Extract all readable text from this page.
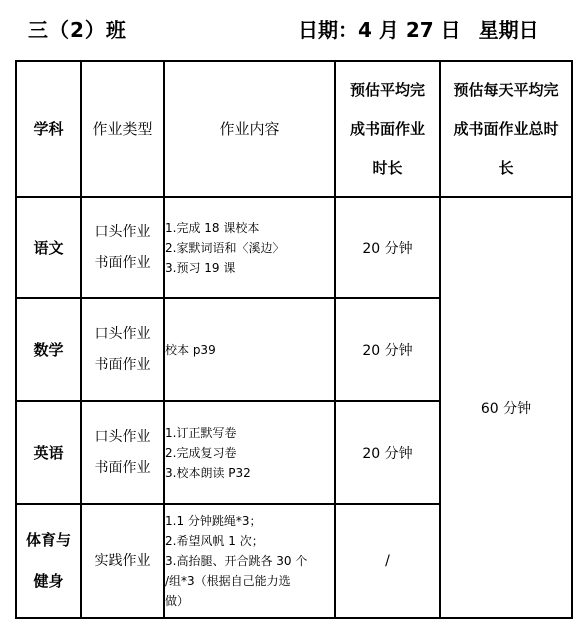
三（2）班	日期：4 月 27 日 星期日
学科	作业类型	作业内容	预估平均完
成书面作业
时长	预估每天平均完
成书面作业总时
长

语文	口头作业
书面作业	1.完成 18 课校本
2.家默词语和〈溪边〉
3.预习 19 课	20 分钟	60 分钟

数学	口头作业
书面作业	校本 p39	20 分钟	

英语	口头作业
书面作业	1.订正默写卷
2.完成复习卷
3.校本朗读 P32	20 分钟	

体育与
健身	实践作业	1.1 分钟跳绳*3；
2.希望风帆 1 次；
3.高抬腿、开合跳各 30 个
/组*3（根据自己能力选
做）	/	
